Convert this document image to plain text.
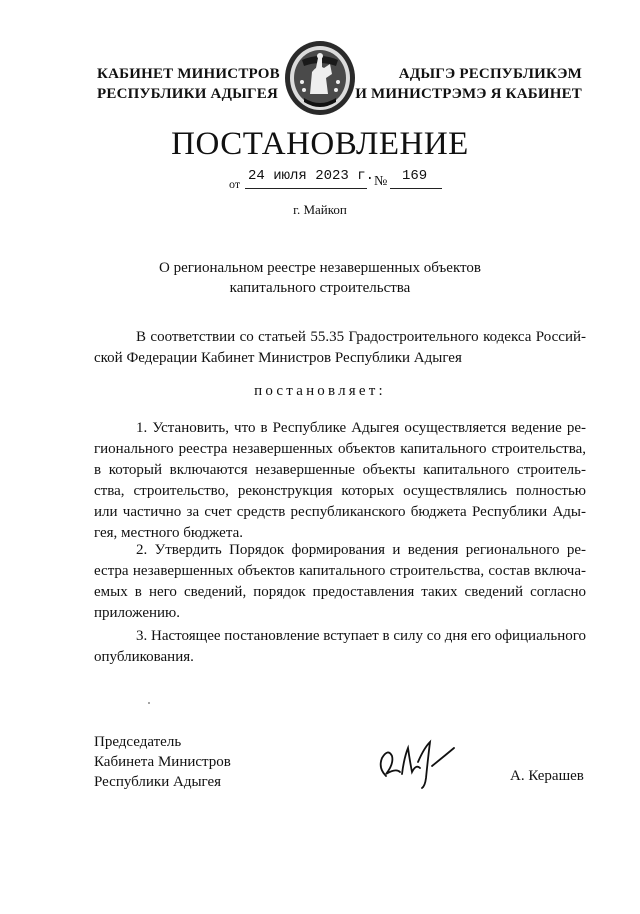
КАБИНЕТ МИНИСТРОВ
РЕСПУБЛИКИ АДЫГЕЯ
АДЫГЭ РЕСПУБЛИКЭМ
И МИНИСТРЭМЭ Я КАБИНЕТ
ПОСТАНОВЛЕНИЕ
от 24 июля 2023 г. № 169
г. Майкоп
О региональном реестре незавершенных объектов
капитального строительства
В соответствии со статьей 55.35 Градостроительного кодекса Россий-
ской Федерации Кабинет Министров Республики Адыгея
постановляет:
1. Установить, что в Республике Адыгея осуществляется ведение ре-
гионального реестра незавершенных объектов капитального строительства,
в который включаются незавершенные объекты капитального строитель-
ства, строительство, реконструкция которых осуществлялись полностью
или частично за счет средств республиканского бюджета Республики Ады-
гея, местного бюджета.
2. Утвердить Порядок формирования и ведения регионального ре-
естра незавершенных объектов капитального строительства, состав включа-
емых в него сведений, порядок предоставления таких сведений согласно
приложению.
3. Настоящее постановление вступает в силу со дня его официального
опубликования.
Председатель
Кабинета Министров
Республики Адыгея	А. Керашев
